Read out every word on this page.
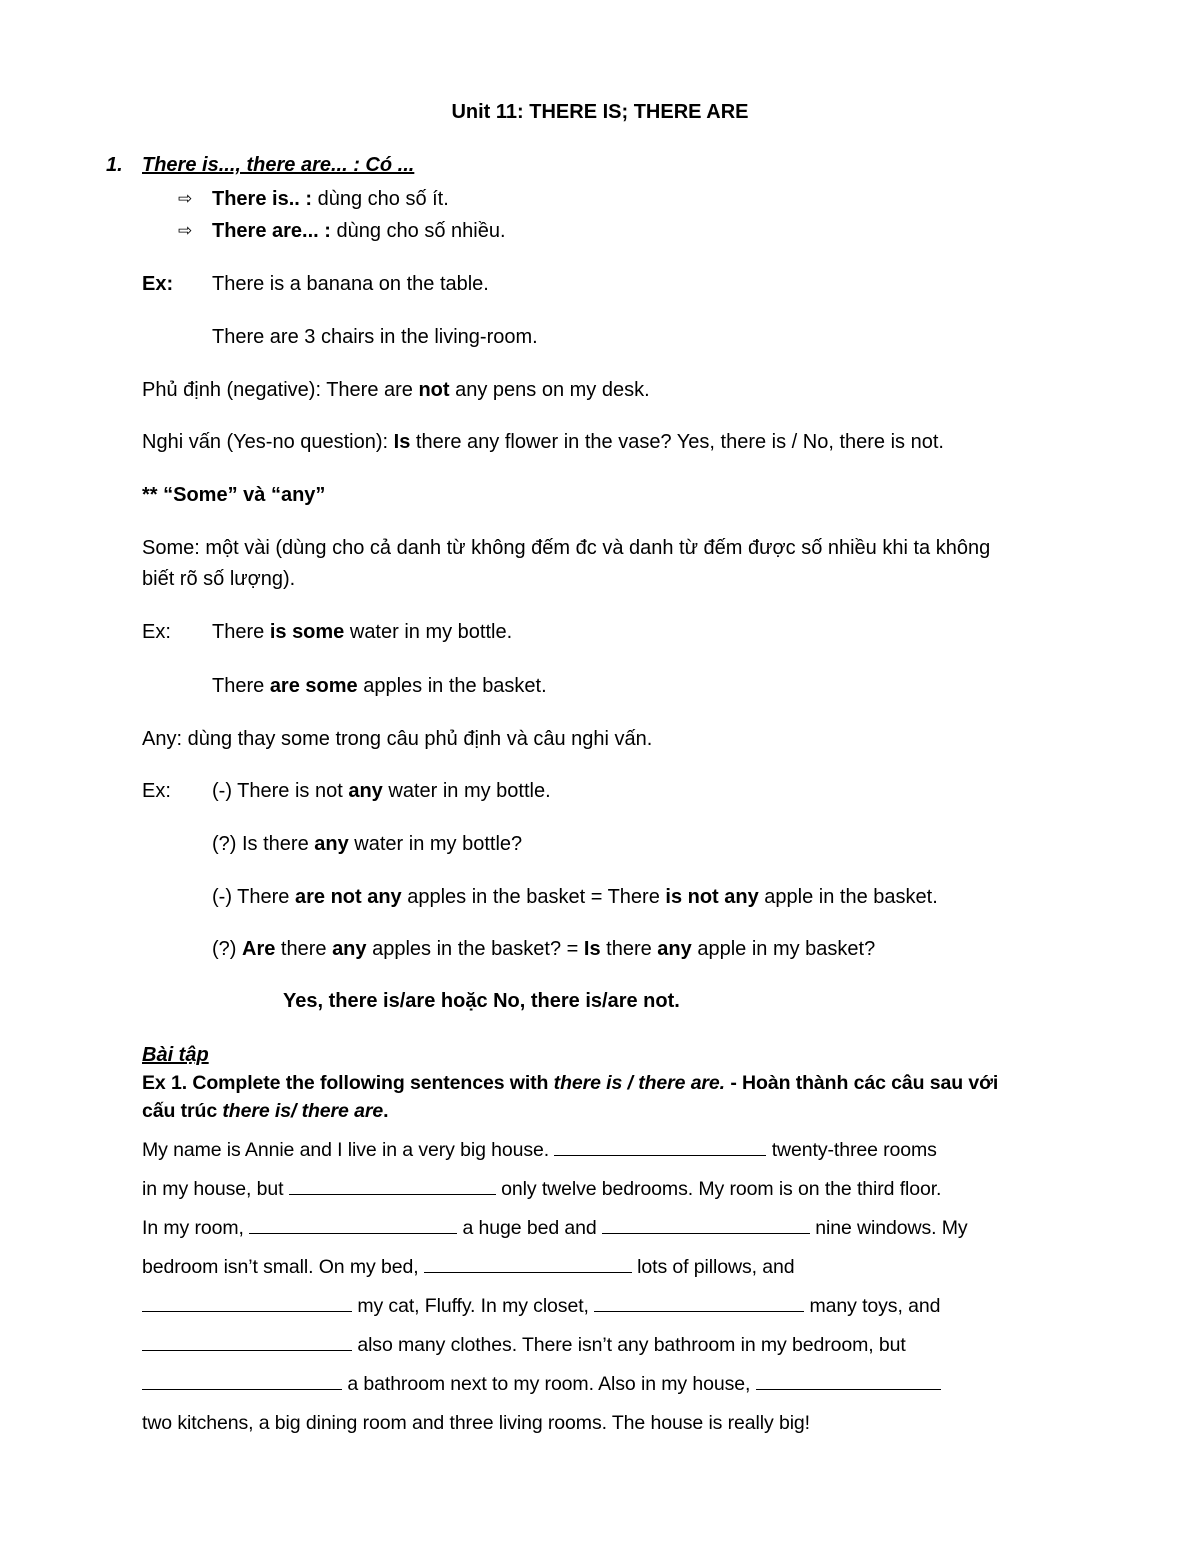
Unit 11: THERE IS; THERE ARE
1. There is..., there are... : Có ...
⇨ There is.. : dùng cho số ít.
⇨ There are... : dùng cho số nhiều.
Ex: There is a banana on the table.
There are 3 chairs in the living-room.
Phủ định (negative): There are not any pens on my desk.
Nghi vấn (Yes-no question): Is there any flower in the vase? Yes, there is / No, there is not.
** “Some” và “any”
Some: một vài (dùng cho cả danh từ không đếm đc và danh từ đếm được số nhiều khi ta không
biết rõ số lượng).
Ex: There is some water in my bottle.
There are some apples in the basket.
Any: dùng thay some trong câu phủ định và câu nghi vấn.
Ex: (-) There is not any water in my bottle.
(?) Is there any water in my bottle?
(-) There are not any apples in the basket = There is not any apple in the basket.
(?) Are there any apples in the basket? = Is there any apple in my basket?
Yes, there is/are hoặc No, there is/are not.
Bài tập
Ex 1. Complete the following sentences with there is / there are. - Hoàn thành các câu sau với
cấu trúc there is/ there are.
My name is Annie and I live in a very big house.	twenty-three rooms
in my house, but	only twelve bedrooms. My room is on the third floor.
In my room,	a huge bed and	nine windows. My
bedroom isn’t small. On my bed,	lots of pillows, and
my cat, Fluffy. In my closet,	many toys, and
also many clothes. There isn’t any bathroom in my bedroom, but
a bathroom next to my room. Also in my house,
two kitchens, a big dining room and three living rooms. The house is really big!
